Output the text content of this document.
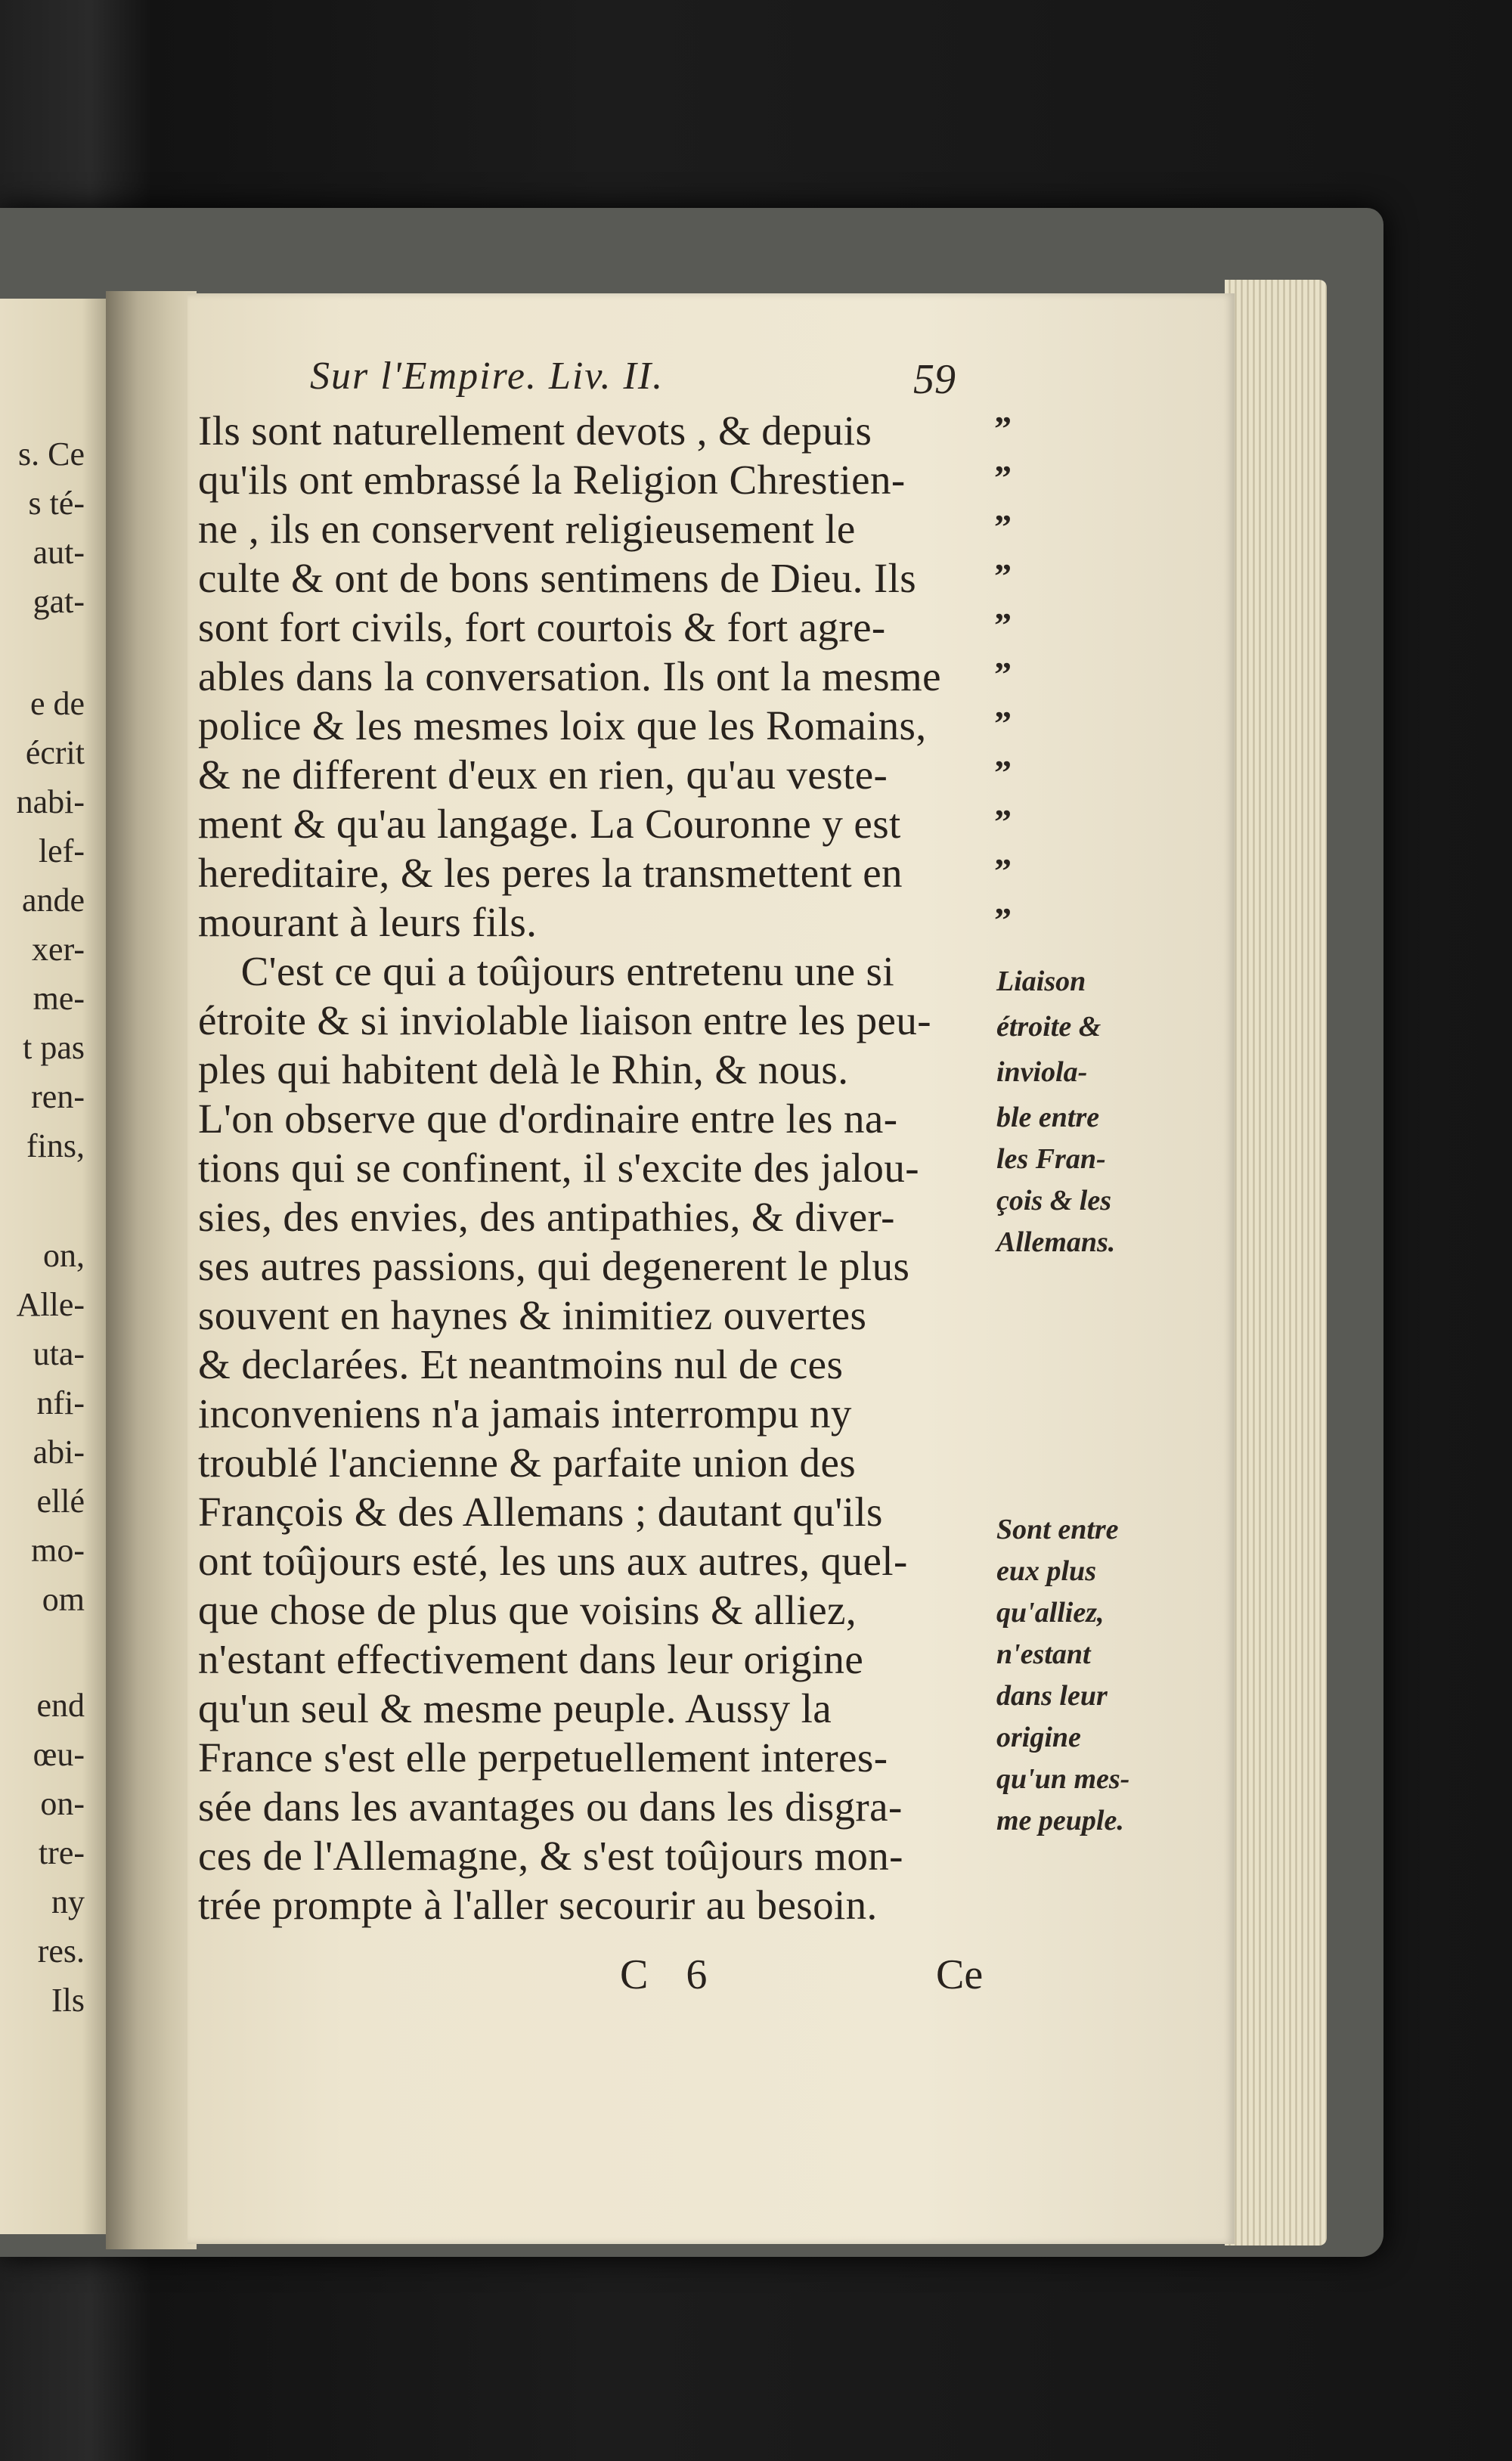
s. Ce
s té-
aut-
gat-
e de
écrit
nabi-
lef-
ande
xer-
me-
t pas
ren-
fins,
on,
Alle-
uta-
nfi-
abi-
ellé
mo-
om
end
œu-
on-
tre-
ny
res.
Ils
Sur l'Empire. Liv. II.	59
Ils sont naturellement devots , & depuis
qu'ils ont embrassé la Religion Chrestien-
ne , ils en conservent religieusement le
culte & ont de bons sentimens de Dieu. Ils
sont fort civils, fort courtois & fort agre-
ables dans la conversation. Ils ont la mesme
police & les mesmes loix que les Romains,
& ne different d'eux en rien, qu'au veste-
ment & qu'au langage. La Couronne y est
hereditaire, & les peres la transmettent en
mourant à leurs fils.
C'est ce qui a toûjours entretenu une si
étroite & si inviolable liaison entre les peu-
ples qui habitent delà le Rhin, & nous.
L'on observe que d'ordinaire entre les na-
tions qui se confinent, il s'excite des jalou-
sies, des envies, des antipathies, & diver-
ses autres passions, qui degenerent le plus
souvent en haynes & inimitiez ouvertes
& declarées. Et neantmoins nul de ces
inconveniens n'a jamais interrompu ny
troublé l'ancienne & parfaite union des
François & des Allemans ; dautant qu'ils
ont toûjours esté, les uns aux autres, quel-
que chose de plus que voisins & alliez,
n'estant effectivement dans leur origine
qu'un seul & mesme peuple. Aussy la
France s'est elle perpetuellement interes-
sée dans les avantages ou dans les disgra-
ces de l'Allemagne, & s'est toûjours mon-
trée prompte à l'aller secourir au besoin.
”
”
”
”
”
”
”
”
”
”
”
Liaison
étroite &
inviola-
ble entre
les Fran-
çois & les
Allemans.
Sont entre
eux plus
qu'alliez,
n'estant
dans leur
origine
qu'un mes-
me peuple.
C 6	Ce
